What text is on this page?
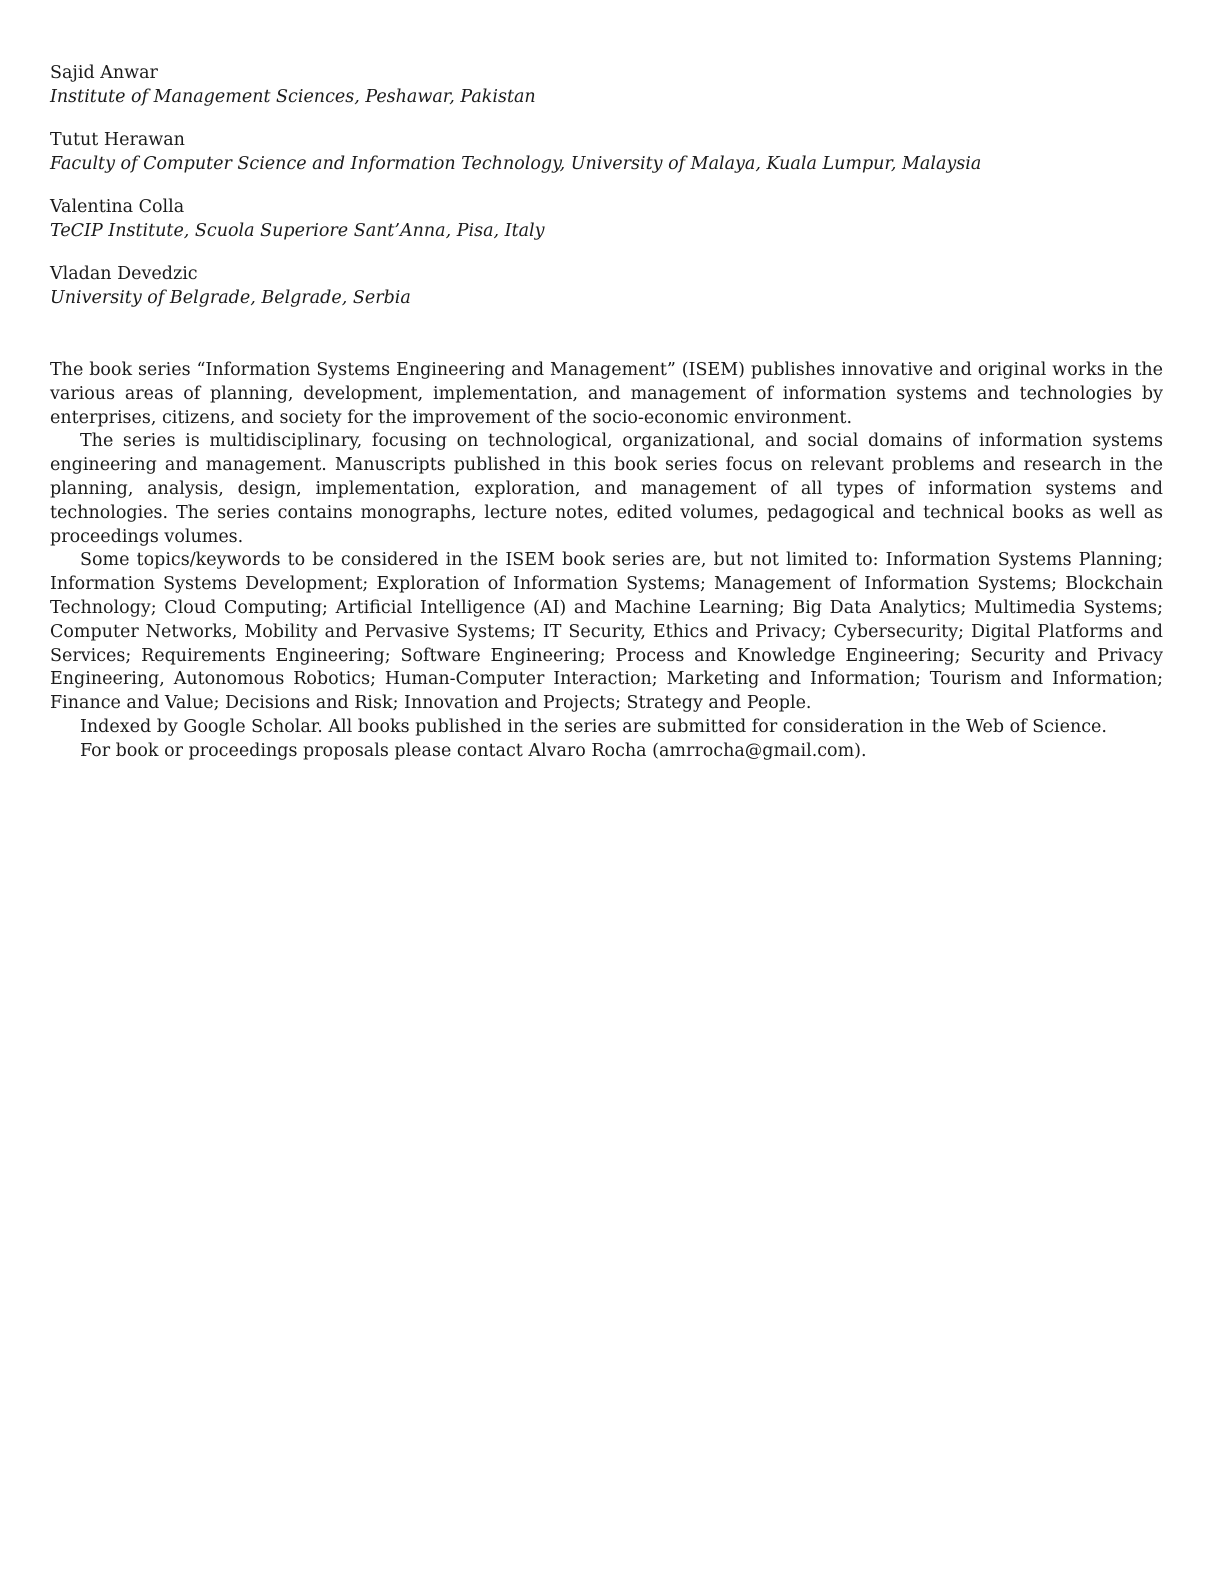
Sajid Anwar
Institute of Management Sciences, Peshawar, Pakistan
Tutut Herawan
Faculty of Computer Science and Information Technology, University of Malaya, Kuala Lumpur, Malaysia
Valentina Colla
TeCIP Institute, Scuola Superiore Sant’Anna, Pisa, Italy
Vladan Devedzic
University of Belgrade, Belgrade, Serbia

The book series “Information Systems Engineering and Management” (ISEM) publishes innovative and original works in the various areas of planning, development, implementation, and management of information systems and technologies by enterprises, citizens, and society for the improvement of the socio-economic environment.

The series is multidisciplinary, focusing on technological, organizational, and social domains of information systems engineering and management. Manuscripts published in this book series focus on relevant problems and research in the planning, analysis, design, implementation, exploration, and management of all types of information systems and technologies. The series contains monographs, lecture notes, edited volumes, pedagogical and technical books as well as proceedings volumes.

Some topics/keywords to be considered in the ISEM book series are, but not limited to: Information Systems Planning; Information Systems Development; Exploration of Information Systems; Management of Information Systems; Blockchain Technology; Cloud Computing; Artificial Intelligence (AI) and Machine Learning; Big Data Analytics; Multimedia Systems; Computer Networks, Mobility and Pervasive Systems; IT Security, Ethics and Privacy; Cybersecurity; Digital Platforms and Services; Requirements Engineering; Software Engineering; Process and Knowledge Engineering; Security and Privacy Engineering, Autonomous Robotics; Human-Computer Interaction; Marketing and Information; Tourism and Information; Finance and Value; Decisions and Risk; Innovation and Projects; Strategy and People.

Indexed by Google Scholar. All books published in the series are submitted for consideration in the Web of Science.

For book or proceedings proposals please contact Alvaro Rocha (amrrocha@gmail.com).
